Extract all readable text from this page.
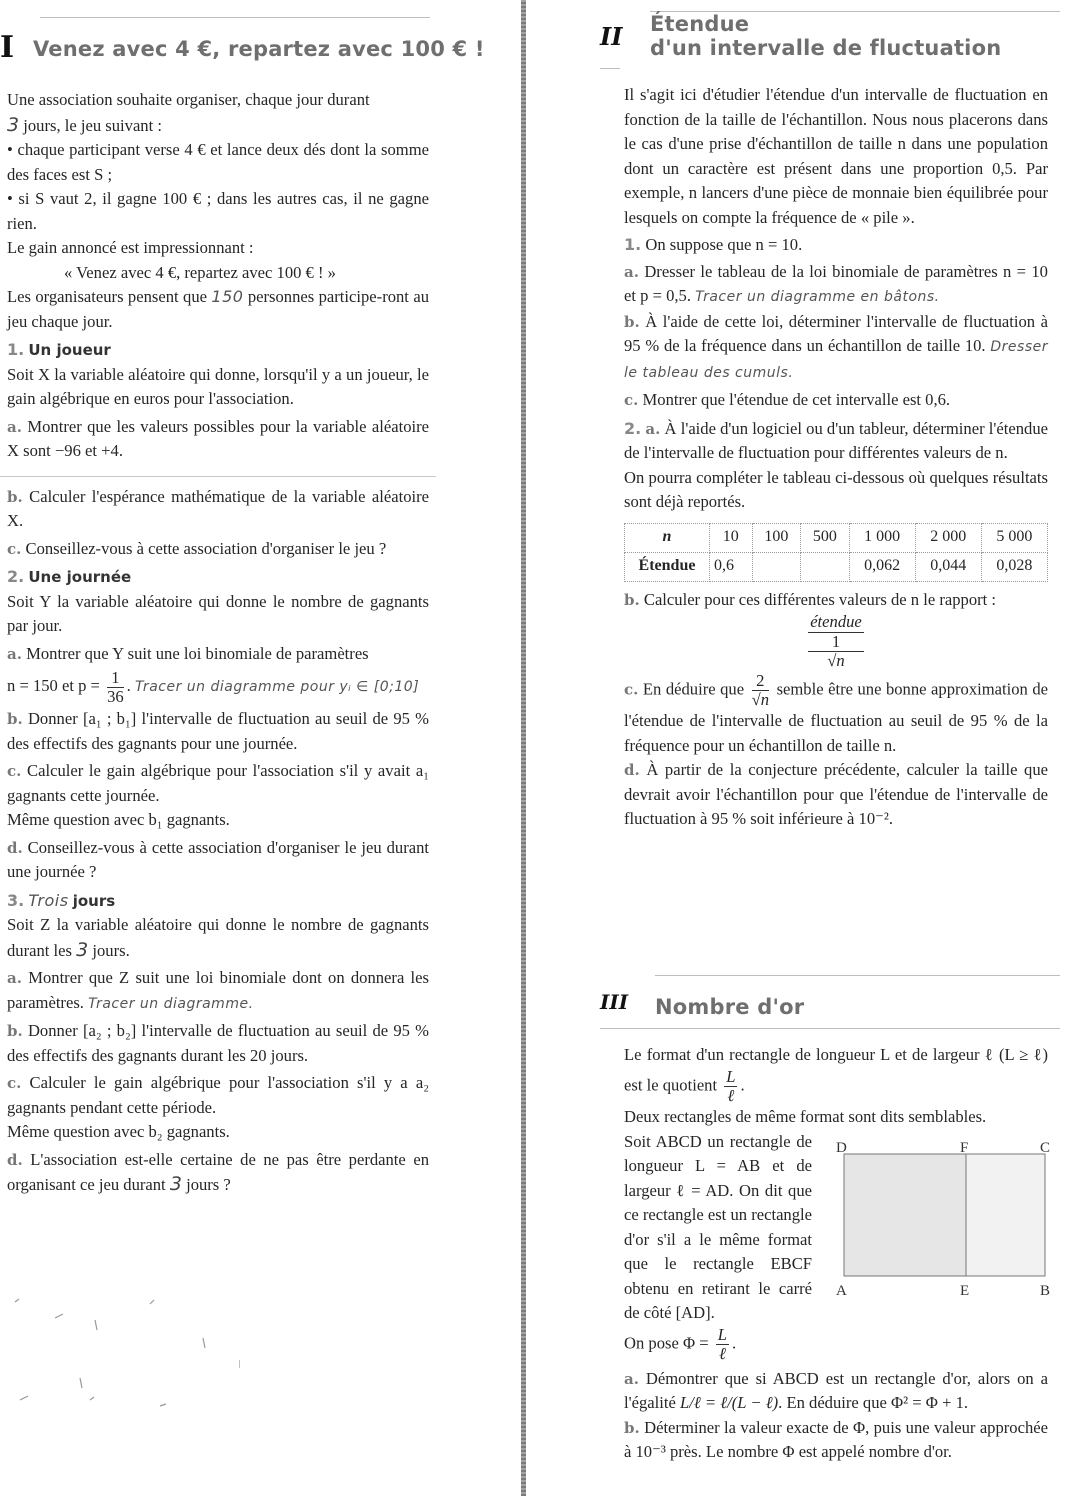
I Venez avec 4 €, repartez avec 100 € !

Une association souhaite organiser, chaque jour durant

3 jours, le jeu suivant :

• chaque participant verse 4 € et lance deux dés dont la somme des faces est S ;

• si S vaut 2, il gagne 100 € ; dans les autres cas, il ne gagne rien.

Le gain annoncé est impressionnant :

« Venez avec 4 €, repartez avec 100 € ! »

Les organisateurs pensent que 150 personnes participe-ront au jeu chaque jour.

1. Un joueur

Soit X la variable aléatoire qui donne, lorsqu'il y a un joueur, le gain algébrique en euros pour l'association.

a. Montrer que les valeurs possibles pour la variable aléatoire X sont −96 et +4.

b. Calculer l'espérance mathématique de la variable aléatoire X.

c. Conseillez-vous à cette association d'organiser le jeu ?

2. Une journée

Soit Y la variable aléatoire qui donne le nombre de gagnants par jour.

a. Montrer que Y suit une loi binomiale de paramètres

n = 150 et $p = \frac{1}{36}$ . Tracer un diagramme pour yᵢ ∈ [0;10]

b. Donner [a₁ ; b₁] l'intervalle de fluctuation au seuil de 95 % des effectifs des gagnants pour une journée.

c. Calculer le gain algébrique pour l'association s'il y avait a₁ gagnants cette journée.

Même question avec b₁ gagnants.

d. Conseillez-vous à cette association d'organiser le jeu durant une journée ?

3. Trois jours

Soit Z la variable aléatoire qui donne le nombre de gagnants durant les 3 jours.

a. Montrer que Z suit une loi binomiale dont on donnera les paramètres. Tracer un diagramme.

b. Donner [a₂ ; b₂] l'intervalle de fluctuation au seuil de 95 % des effectifs des gagnants durant les 20 jours.

c. Calculer le gain algébrique pour l'association s'il y a a₂ gagnants pendant cette période.

Même question avec b₂ gagnants.

d. L'association est-elle certaine de ne pas être perdante en organisant ce jeu durant 3 jours ?

II Étendue
d'un intervalle de fluctuation

Il s'agit ici d'étudier l'étendue d'un intervalle de fluctuation en fonction de la taille de l'échantillon. Nous nous placerons dans le cas d'une prise d'échantillon de taille n dans une population dont un caractère est présent dans une proportion 0,5. Par exemple, n lancers d'une pièce de monnaie bien équilibrée pour lesquels on compte la fréquence de « pile ».

1. On suppose que n = 10.

a. Dresser le tableau de la loi binomiale de paramètres n = 10 et p = 0,5. Tracer un diagramme en bâtons.

b. À l'aide de cette loi, déterminer l'intervalle de fluctuation à 95 % de la fréquence dans un échantillon de taille 10. Dresser le tableau des cumuls.

c. Montrer que l'étendue de cet intervalle est 0,6.

2. a. À l'aide d'un logiciel ou d'un tableur, déterminer l'étendue de l'intervalle de fluctuation pour différentes valeurs de n.

On pourra compléter le tableau ci-dessous où quelques résultats sont déjà reportés.

n	10	100	500	1 000	2 000	5 000
Étendue	0,6			0,062	0,044	0,028

b. Calculer pour ces différentes valeurs de n le rapport :

étendue
1
√n

c. En déduire que $\frac{2}{√n}$ semble être une bonne approximation de l'étendue de l'intervalle de fluctuation au seuil de 95 % de la fréquence pour un échantillon de taille n.

d. À partir de la conjecture précédente, calculer la taille que devrait avoir l'échantillon pour que l'étendue de l'intervalle de fluctuation à 95 % soit inférieure à 10⁻².

III Nombre d'or

Le format d'un rectangle de longueur L et de largeur ℓ (L ≥ ℓ) est le quotient $\frac{L}{\text{ℓ}}$ .

Deux rectangles de même format sont dits semblables.

Soit ABCD un rectangle de longueur L = AB et de largeur ℓ = AD. On dit que ce rectangle est un rectangle d'or s'il a le même format que le rectangle EBCF obtenu en retirant le carré de côté [AD].

On pose $\Phi = \frac{L}{\text{ℓ}}$ .

a. Démontrer que si ABCD est un rectangle d'or, alors on a l'égalité L/ℓ = ℓ/(L − ℓ). En déduire que Φ² = Φ + 1.

b. Déterminer la valeur exacte de Φ, puis une valeur approchée à 10⁻³ près. Le nombre Φ est appelé nombre d'or.

D	F	C
A	E	B
